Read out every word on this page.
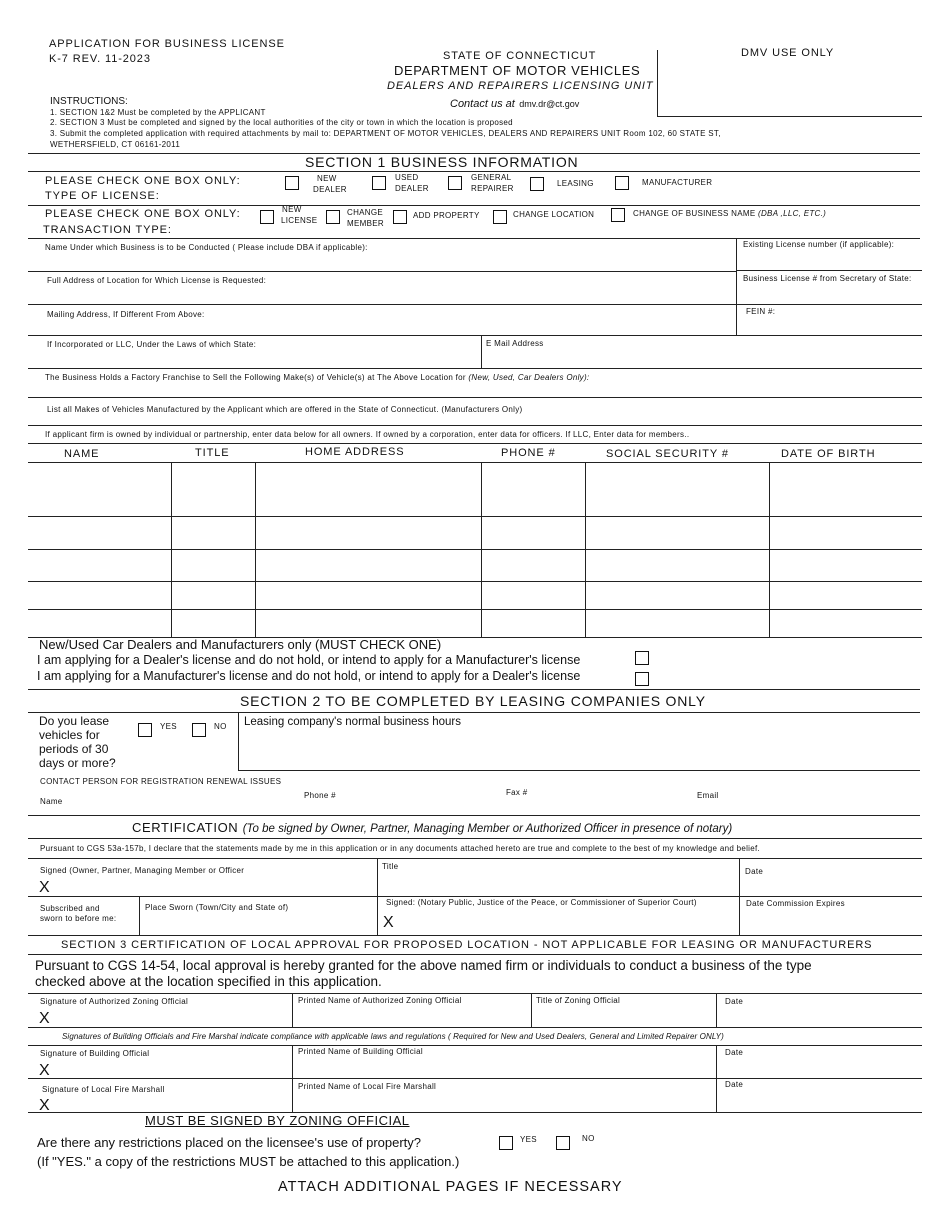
APPLICATION FOR BUSINESS LICENSE
K-7 REV. 11-2023	STATE OF CONNECTICUT
DEPARTMENT OF MOTOR VEHICLES
DEALERS AND REPAIRERS LICENSING UNIT
Contact us at dmv.dr@ct.gov
DMV USE ONLY
INSTRUCTIONS:
1. SECTION 1&2 Must be completed by the APPLICANT
2. SECTION 3 Must be completed and signed by the local authorities of the city or town in which the location is proposed
3. Submit the completed application with required attachments by mail to: DEPARTMENT OF MOTOR VEHICLES, DEALERS AND REPAIRERS UNIT Room 102, 60 STATE ST,
WETHERSFIELD, CT 06161-2011
SECTION 1 BUSINESS INFORMATION
PLEASE CHECK ONE BOX ONLY:
TYPE OF LICENSE:
NEW
DEALER
USED
DEALER
GENERAL
REPAIRER
LEASING	MANUFACTURER
PLEASE CHECK ONE BOX ONLY:
TRANSACTION TYPE:
NEW
LICENSE
CHANGE
MEMBER
ADD PROPERTY	CHANGE LOCATION	CHANGE OF BUSINESS NAME (DBA ,LLC, ETC.)
Name Under which Business is to be Conducted ( Please include DBA if applicable):	Existing License number (if applicable):
Full Address of Location for Which License is Requested:	Business License # from Secretary of State:
Mailing Address, If Different From Above:	FEIN #:
If Incorporated or LLC, Under the Laws of which State:	E Mail Address
The Business Holds a Factory Franchise to Sell the Following Make(s) of Vehicle(s) at The Above Location for (New, Used, Car Dealers Only):
List all Makes of Vehicles Manufactured by the Applicant which are offered in the State of Connecticut. (Manufacturers Only)
If applicant firm is owned by individual or partnership, enter data below for all owners. If owned by a corporation, enter data for officers. If LLC, Enter data for members..
NAME	TITLE	HOME ADDRESS	PHONE #	SOCIAL SECURITY #	DATE OF BIRTH
New/Used Car Dealers and Manufacturers only (MUST CHECK ONE)
I am applying for a Dealer's license and do not hold, or intend to apply for a Manufacturer's license
I am applying for a Manufacturer's license and do not hold, or intend to apply for a Dealer's license
SECTION 2 TO BE COMPLETED BY LEASING COMPANIES ONLY
Do you lease
vehicles for
periods of 30
days or more?
YES	NO Leasing company's normal business hours
CONTACT PERSON FOR REGISTRATION RENEWAL ISSUES
Name
Phone #	Fax #	Email
CERTIFICATION (To be signed by Owner, Partner, Managing Member or Authorized Officer in presence of notary)
Pursuant to CGS 53a-157b, I declare that the statements made by me in this application or in any documents attached hereto are true and complete to the best of my knowledge and belief.
Signed (Owner, Partner, Managing Member or Officer
X
Title
Date
Subscribed and
sworn to before me:
Place Sworn (Town/City and State of)
Signed: (Notary Public, Justice of the Peace, or Commissioner of Superior Court)
X
Date Commission Expires
SECTION 3 CERTIFICATION OF LOCAL APPROVAL FOR PROPOSED LOCATION - NOT APPLICABLE FOR LEASING OR MANUFACTURERS
Pursuant to CGS 14-54, local approval is hereby granted for the above named firm or individuals to conduct a business of the type
checked above at the location specified in this application.
Signature of Authorized Zoning Official
X
Printed Name of Authorized Zoning Official	Title of Zoning Official	Date
Signatures of Building Officials and Fire Marshal indicate compliance with applicable laws and regulations ( Required for New and Used Dealers, General and Limited Repairer ONLY)
Signature of Building Official
X
Printed Name of Building Official	Date
Signature of Local Fire Marshall
X
Printed Name of Local Fire Marshall	Date
MUST BE SIGNED BY ZONING OFFICIAL
Are there any restrictions placed on the licensee's use of property?	YES	NO
(If "YES." a copy of the restrictions MUST be attached to this application.)
ATTACH ADDITIONAL PAGES IF NECESSARY
